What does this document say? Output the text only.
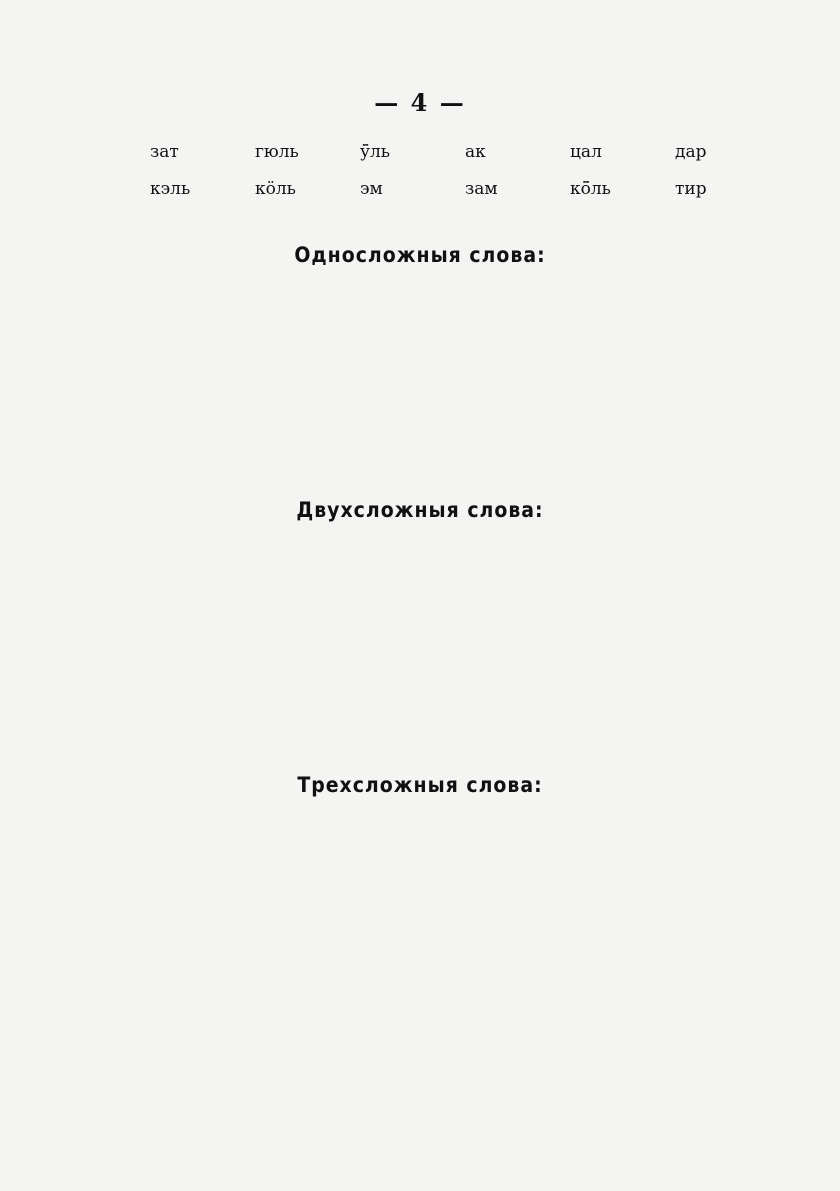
— 4 —
зат	гюль	ӱ̄ль	ак	цал	дар
кэль	кӧль	эм	зам	кӧ̄ль	тир
Односложныя слова:
Двухсложныя слова:
Трехсложныя слова:
